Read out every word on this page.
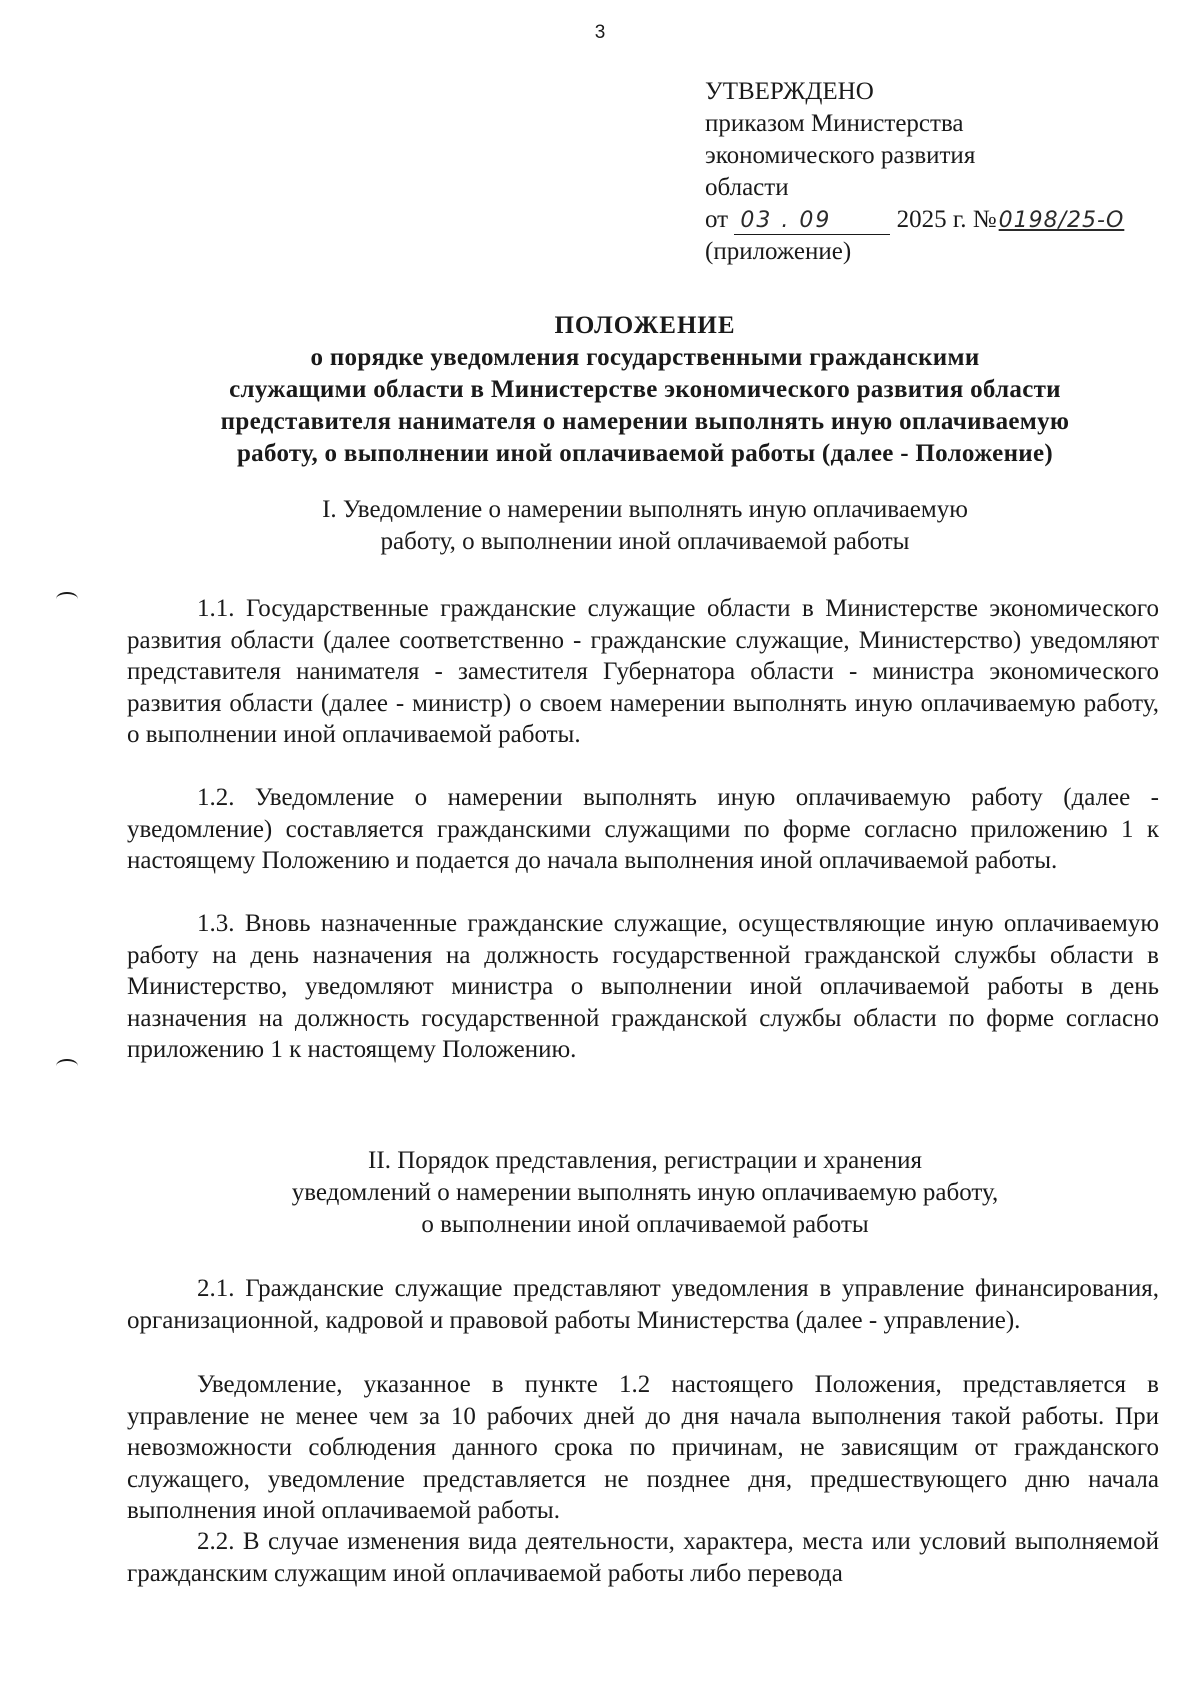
3
УТВЕРЖДЕНО
приказом Министерства
экономического развития
области
от 03 . 09	2025 г. №0198/25-О
(приложение)
ПОЛОЖЕНИЕ
о порядке уведомления государственными гражданскими
служащими области в Министерстве экономического развития области
представителя нанимателя о намерении выполнять иную оплачиваемую
работу, о выполнении иной оплачиваемой работы (далее - Положение)
I. Уведомление о намерении выполнять иную оплачиваемую
работу, о выполнении иной оплачиваемой работы

1.1. Государственные гражданские служащие области в Министерстве экономического развития области (далее соответственно - гражданские служащие, Министерство) уведомляют представителя нанимателя - заместителя Губернатора области - министра экономического развития области (далее - министр) о своем намерении выполнять иную оплачиваемую работу, о выполнении иной оплачиваемой работы.

1.2. Уведомление о намерении выполнять иную оплачиваемую работу (далее - уведомление) составляется гражданскими служащими по форме согласно приложению 1 к настоящему Положению и подается до начала выполнения иной оплачиваемой работы.

1.3. Вновь назначенные гражданские служащие, осуществляющие иную оплачиваемую работу на день назначения на должность государственной гражданской службы области в Министерство, уведомляют министра о выполнении иной оплачиваемой работы в день назначения на должность государственной гражданской службы области по форме согласно приложению 1 к настоящему Положению.

II. Порядок представления, регистрации и хранения
уведомлений о намерении выполнять иную оплачиваемую работу,
о выполнении иной оплачиваемой работы

2.1. Гражданские служащие представляют уведомления в управление финансирования, организационной, кадровой и правовой работы Министерства (далее - управление).

Уведомление, указанное в пункте 1.2 настоящего Положения, представляется в управление не менее чем за 10 рабочих дней до дня начала выполнения такой работы. При невозможности соблюдения данного срока по причинам, не зависящим от гражданского служащего, уведомление представляется не позднее дня, предшествующего дню начала выполнения иной оплачиваемой работы.

2.2. В случае изменения вида деятельности, характера, места или условий выполняемой гражданским служащим иной оплачиваемой работы либо перевода
